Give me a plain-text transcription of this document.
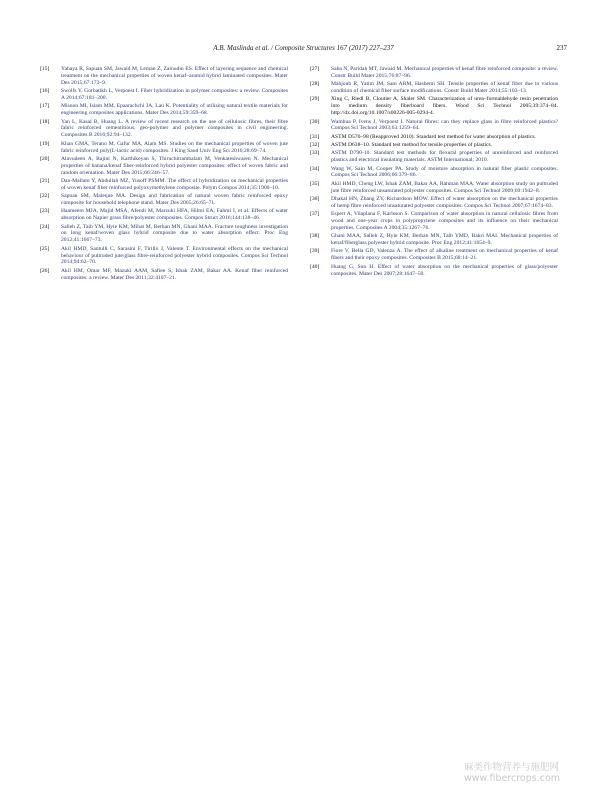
A.B. Maslinda et al. / Composite Structures 167 (2017) 227–237	237
[15] Yahaya R, Sapuan SM, Jawaid M, Leman Z, Zainudin ES. Effect of layering sequence and chemical treatment on the mechanical properties of woven kenaf–aramid hybrid laminated composites. Mater Des 2015;67:173–9.
[16] Swolfs Y, Gorbatikh L, Verpoest I. Fiber hybridization in polymer composites: a review. Composites A 2014;67:181–200.
[17] Misnon MI, Islam MM, Epaarachchi JA, Lau K. Potentiality of utilising natural textile materials for engineering composites applications. Mater Des 2014;59:359–68.
[18] Yan L, Kasal B, Huang L. A review of recent research on the use of cellulosic fibres, their fibre fabric reinforced cementitious, geo-polymer and polymer composites in civil engineering. Composites B 2016;92:94–132.
[19] Khan GMA, Terano M, Gafur MA, Alam MS. Studies on the mechanical properties of woven jute fabric reinforced poly(L-lactic acid) composites. J King Saud Univ Eng Sci 2016;28:69–74.
[20] Alavudeen A, Rajini N, Karthikeyan S, Thiruchitrambalam M, Venkateshwaren N. Mechanical properties of banana/kenaf fiber-reinforced hybrid polyester composites: effect of woven fabric and random orientation. Mater Des 2015;66:246–57.
[21] Dan-Mallam Y, Abdullah MZ, Yusoff PSMM. The effect of hybridization on mechanical properties of woven kenaf fiber reinforced polyoxymethylene composite. Polym Compos 2014;35:1900–10.
[22] Sapuan SM, Maleque MA. Design and fabrication of natural woven fabric reinforced epoxy composite for household telephone stand. Mater Des 2005;26:65–71.
[23] Haameem MJA, Majid MSA, Afendi M, Marzuki HFA, Hilmi EA, Fahmi I, et al. Effects of water absorption on Napier grass fibre/polyester composites. Compos Struct 2016;144:138–46.
[24] Salleh Z, Taib YM, Hyie KM, Mihat M, Berhan MN, Ghani MAA. Fracture toughness investigation on long kenaf/woven glass hybrid composite due to water absorption effect. Proc Eng 2012;41:1667–73.
[25] Akil HMD, Santulli C, Sarasini F, Tirillò J, Valente T. Environmental effects on the mechanical behaviour of pultruded jute/glass fibre-reinforced polyester hybrid composites. Compos Sci Technol 2014;94:62–70.
[26] Akil HM, Omar MF, Mazuki AAM, Safiee S, Ishak ZAM, Bakar AA. Kenaf fiber reinforced composites: a review. Mater Des 2011;32:4107–21.
[27] Saba N, Paridah MT, Jawaid M. Mechanical properties of kenaf fibre reinforced composite: a review. Constr Build Mater 2015;76:87–96.
[28] Mahjoub R, Yatim JM, Sam ARM, Hashemi SH. Tensile properties of kenaf fiber due to various condition of chemical fiber surface modifications. Constr Build Mater 2014;55:103–13.
[29] Xing C, Riedl B, Cloutier A, Shaler SM. Characterization of urea–formaldehyde resin penetration into medium density fiberboard fibers. Wood Sci Technol 2005;39:374–84. http://dx.doi.org/10.1007/s00226-005-0294-4.
[30] Wambua P, Ivens J, Verpoest I. Natural fibres: can they replace glass in fibre reinforced plastics? Compos Sci Technol 2003;63:1259–64.
[31] ASTM D570–98 (Reapproved 2010). Standard test method for water absorption of plastics.
[32] ASTM D638–10. Standard test method for tensile properties of plastics.
[33] ASTM D790-10. Standard test methods for flexural properties of unreinforced and reinforced plastics and electrical insulating materials. ASTM International; 2010.
[34] Wang W, Sain M, Cooper PA. Study of moisture absorption in natural fiber plastic composites. Compos Sci Technol 2006;66:379–86.
[35] Akil HMD, Cheng LW, Ishak ZAM, Bakar AA, Rahman MAA. Water absorption study on pultruded jute fibre reinforced unsaturated polyester composites. Compos Sci Technol 2009;69:1942–8.
[36] Dhakal HN, Zhang ZY, Richardson MOW. Effect of water absorption on the mechanical properties of hemp fibre reinforced unsaturated polyester composites. Compos Sci Technol 2007;67:1674–83.
[37] Espert A, Vilaplana F, Karlsson S. Comparison of water absorption in natural cellulosic fibres from wood and one-year crops in polypropylene composites and its influence on their mechanical properties. Composites A 2004;35:1267–76.
[38] Ghani MAA, Salleh Z, Hyie KM, Berhan MN, Taib YMD, Bakri MAI. Mechanical properties of kenaf/fiberglass polyester hybrid composite. Proc Eng 2012;41:1654–9.
[39] Fiore V, Bella GD, Valenza A. The effect of alkaline treatment on mechanical properties of kenaf fibers and their epoxy composites. Composites B 2015;68:14–21.
[40] Huang G, Sun H. Effect of water absorption on the mechanical properties of glass/polyester composites. Mater Des 2007;28:1647–50.
麻类作物营养与施肥网
www.fibercrops.com
